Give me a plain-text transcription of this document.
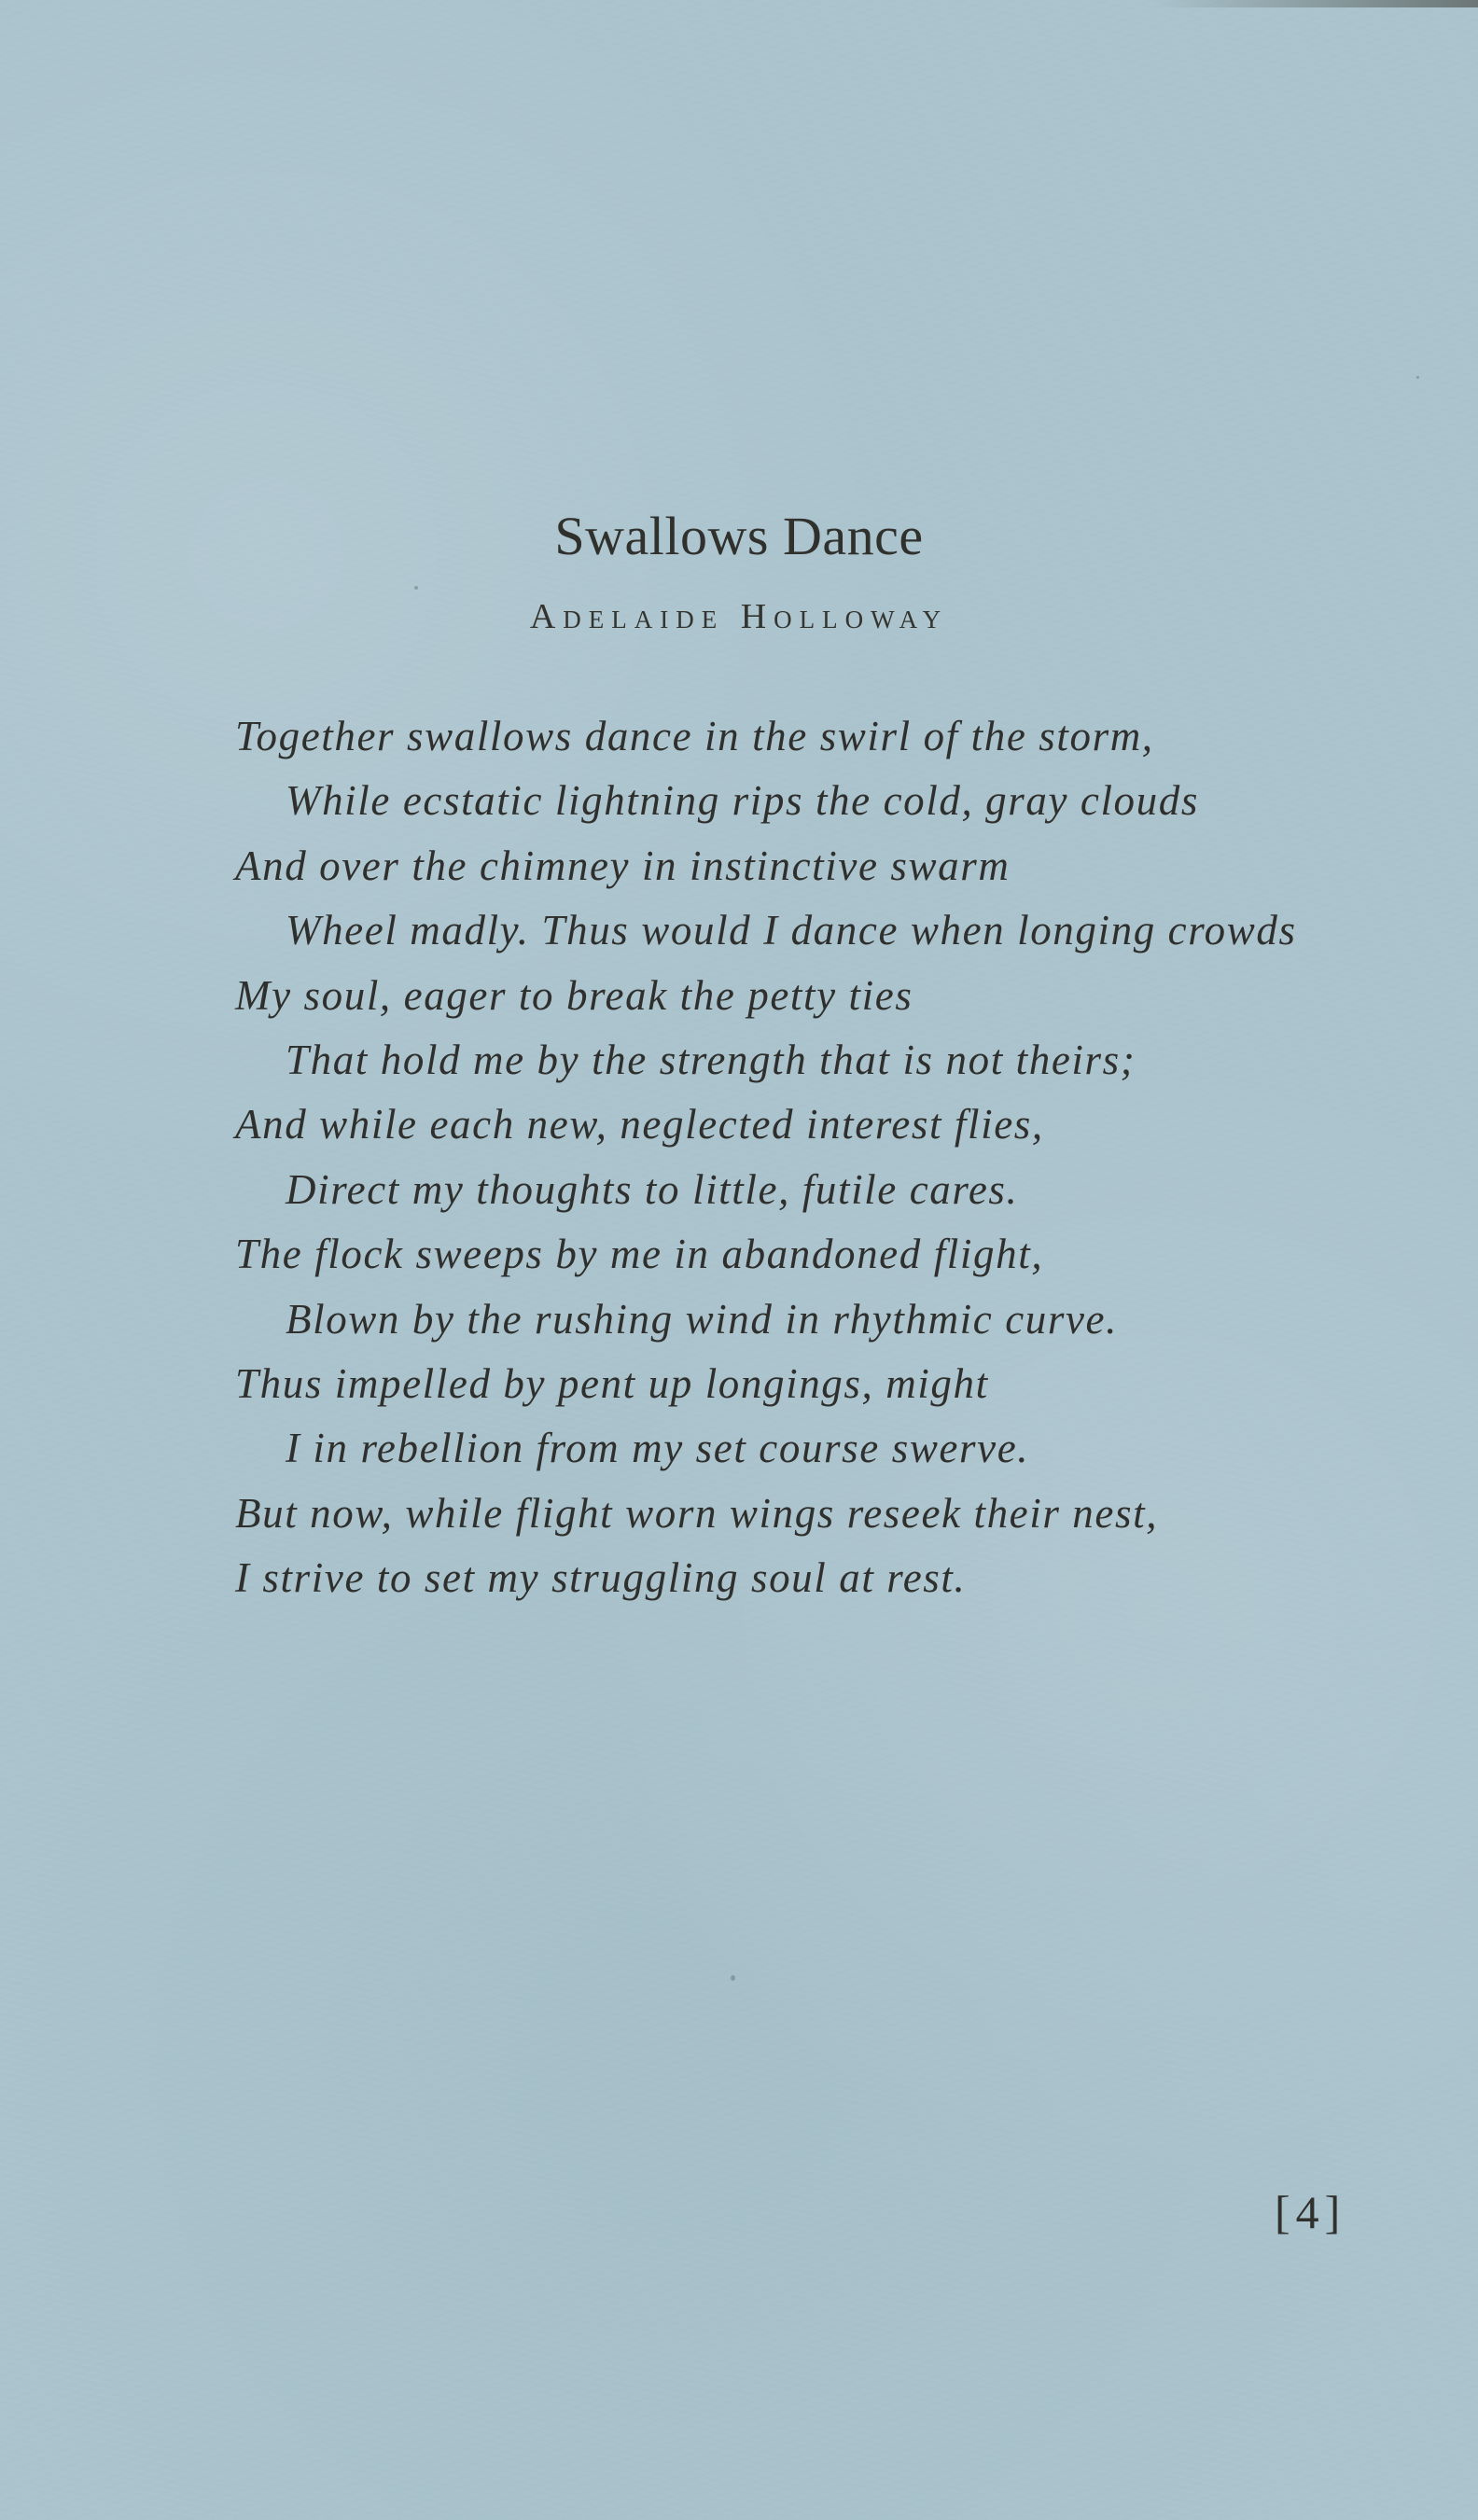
Swallows Dance
Adelaide Holloway
Together swallows dance in the swirl of the storm,
While ecstatic lightning rips the cold, gray clouds
And over the chimney in instinctive swarm
Wheel madly. Thus would I dance when longing crowds
My soul, eager to break the petty ties
That hold me by the strength that is not theirs;
And while each new, neglected interest flies,
Direct my thoughts to little, futile cares.
The flock sweeps by me in abandoned flight,
Blown by the rushing wind in rhythmic curve.
Thus impelled by pent up longings, might
I in rebellion from my set course swerve.
But now, while flight worn wings reseek their nest,
I strive to set my struggling soul at rest.
[4]
